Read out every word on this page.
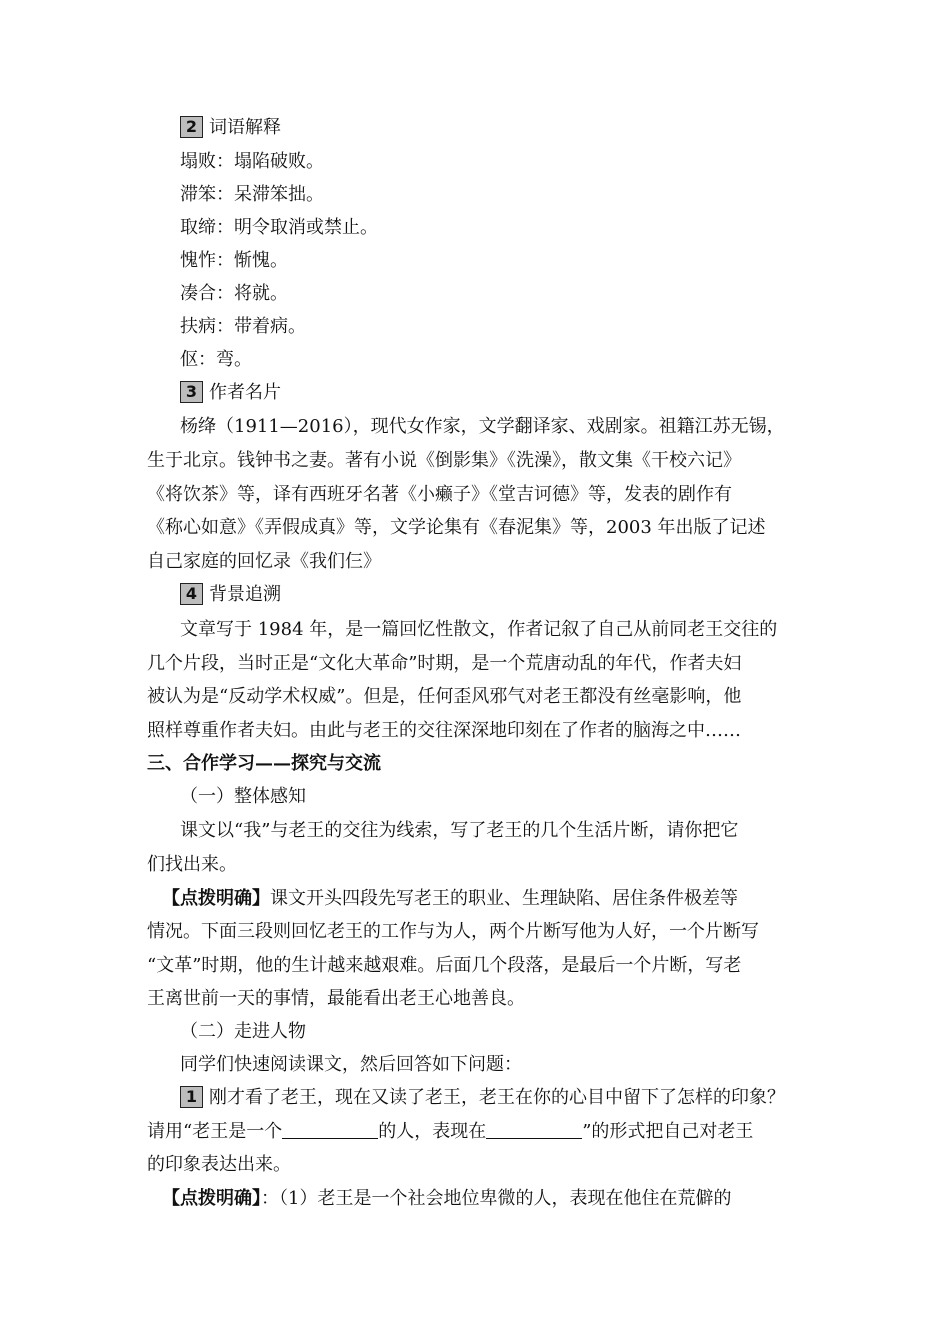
2 词语解释
塌败：塌陷破败。
滞笨：呆滞笨拙。
取缔：明令取消或禁止。
愧怍：惭愧。
凑合：将就。
扶病：带着病。
伛：弯。
3 作者名片
杨绛（1911—2016），现代女作家，文学翻译家、戏剧家。祖籍江苏无锡，
生于北京。钱钟书之妻。著有小说《倒影集》《洗澡》，散文集《干校六记》
《将饮茶》等，译有西班牙名著《小癞子》《堂吉诃德》等，发表的剧作有
《称心如意》《弄假成真》等，文学论集有《春泥集》等，2003 年出版了记述
自己家庭的回忆录《我们仨》
4 背景追溯
文章写于 1984 年，是一篇回忆性散文，作者记叙了自己从前同老王交往的
几个片段，当时正是“文化大革命”时期，是一个荒唐动乱的年代，作者夫妇
被认为是“反动学术权威”。但是，任何歪风邪气对老王都没有丝毫影响，他
照样尊重作者夫妇。由此与老王的交往深深地印刻在了作者的脑海之中……
三、合作学习——探究与交流
（一）整体感知
课文以“我”与老王的交往为线索，写了老王的几个生活片断，请你把它
们找出来。
【点拨明确】课文开头四段先写老王的职业、生理缺陷、居住条件极差等
情况。下面三段则回忆老王的工作与为人，两个片断写他为人好，一个片断写
“文革”时期，他的生计越来越艰难。后面几个段落，是最后一个片断，写老
王离世前一天的事情，最能看出老王心地善良。
（二）走进人物
同学们快速阅读课文，然后回答如下问题：
1 刚才看了老王，现在又读了老王，老王在你的心目中留下了怎样的印象？
请用“老王是一个	的人，表现在	”的形式把自己对老王
的印象表达出来。
【点拨明确】：（1）老王是一个社会地位卑微的人，表现在他住在荒僻的
